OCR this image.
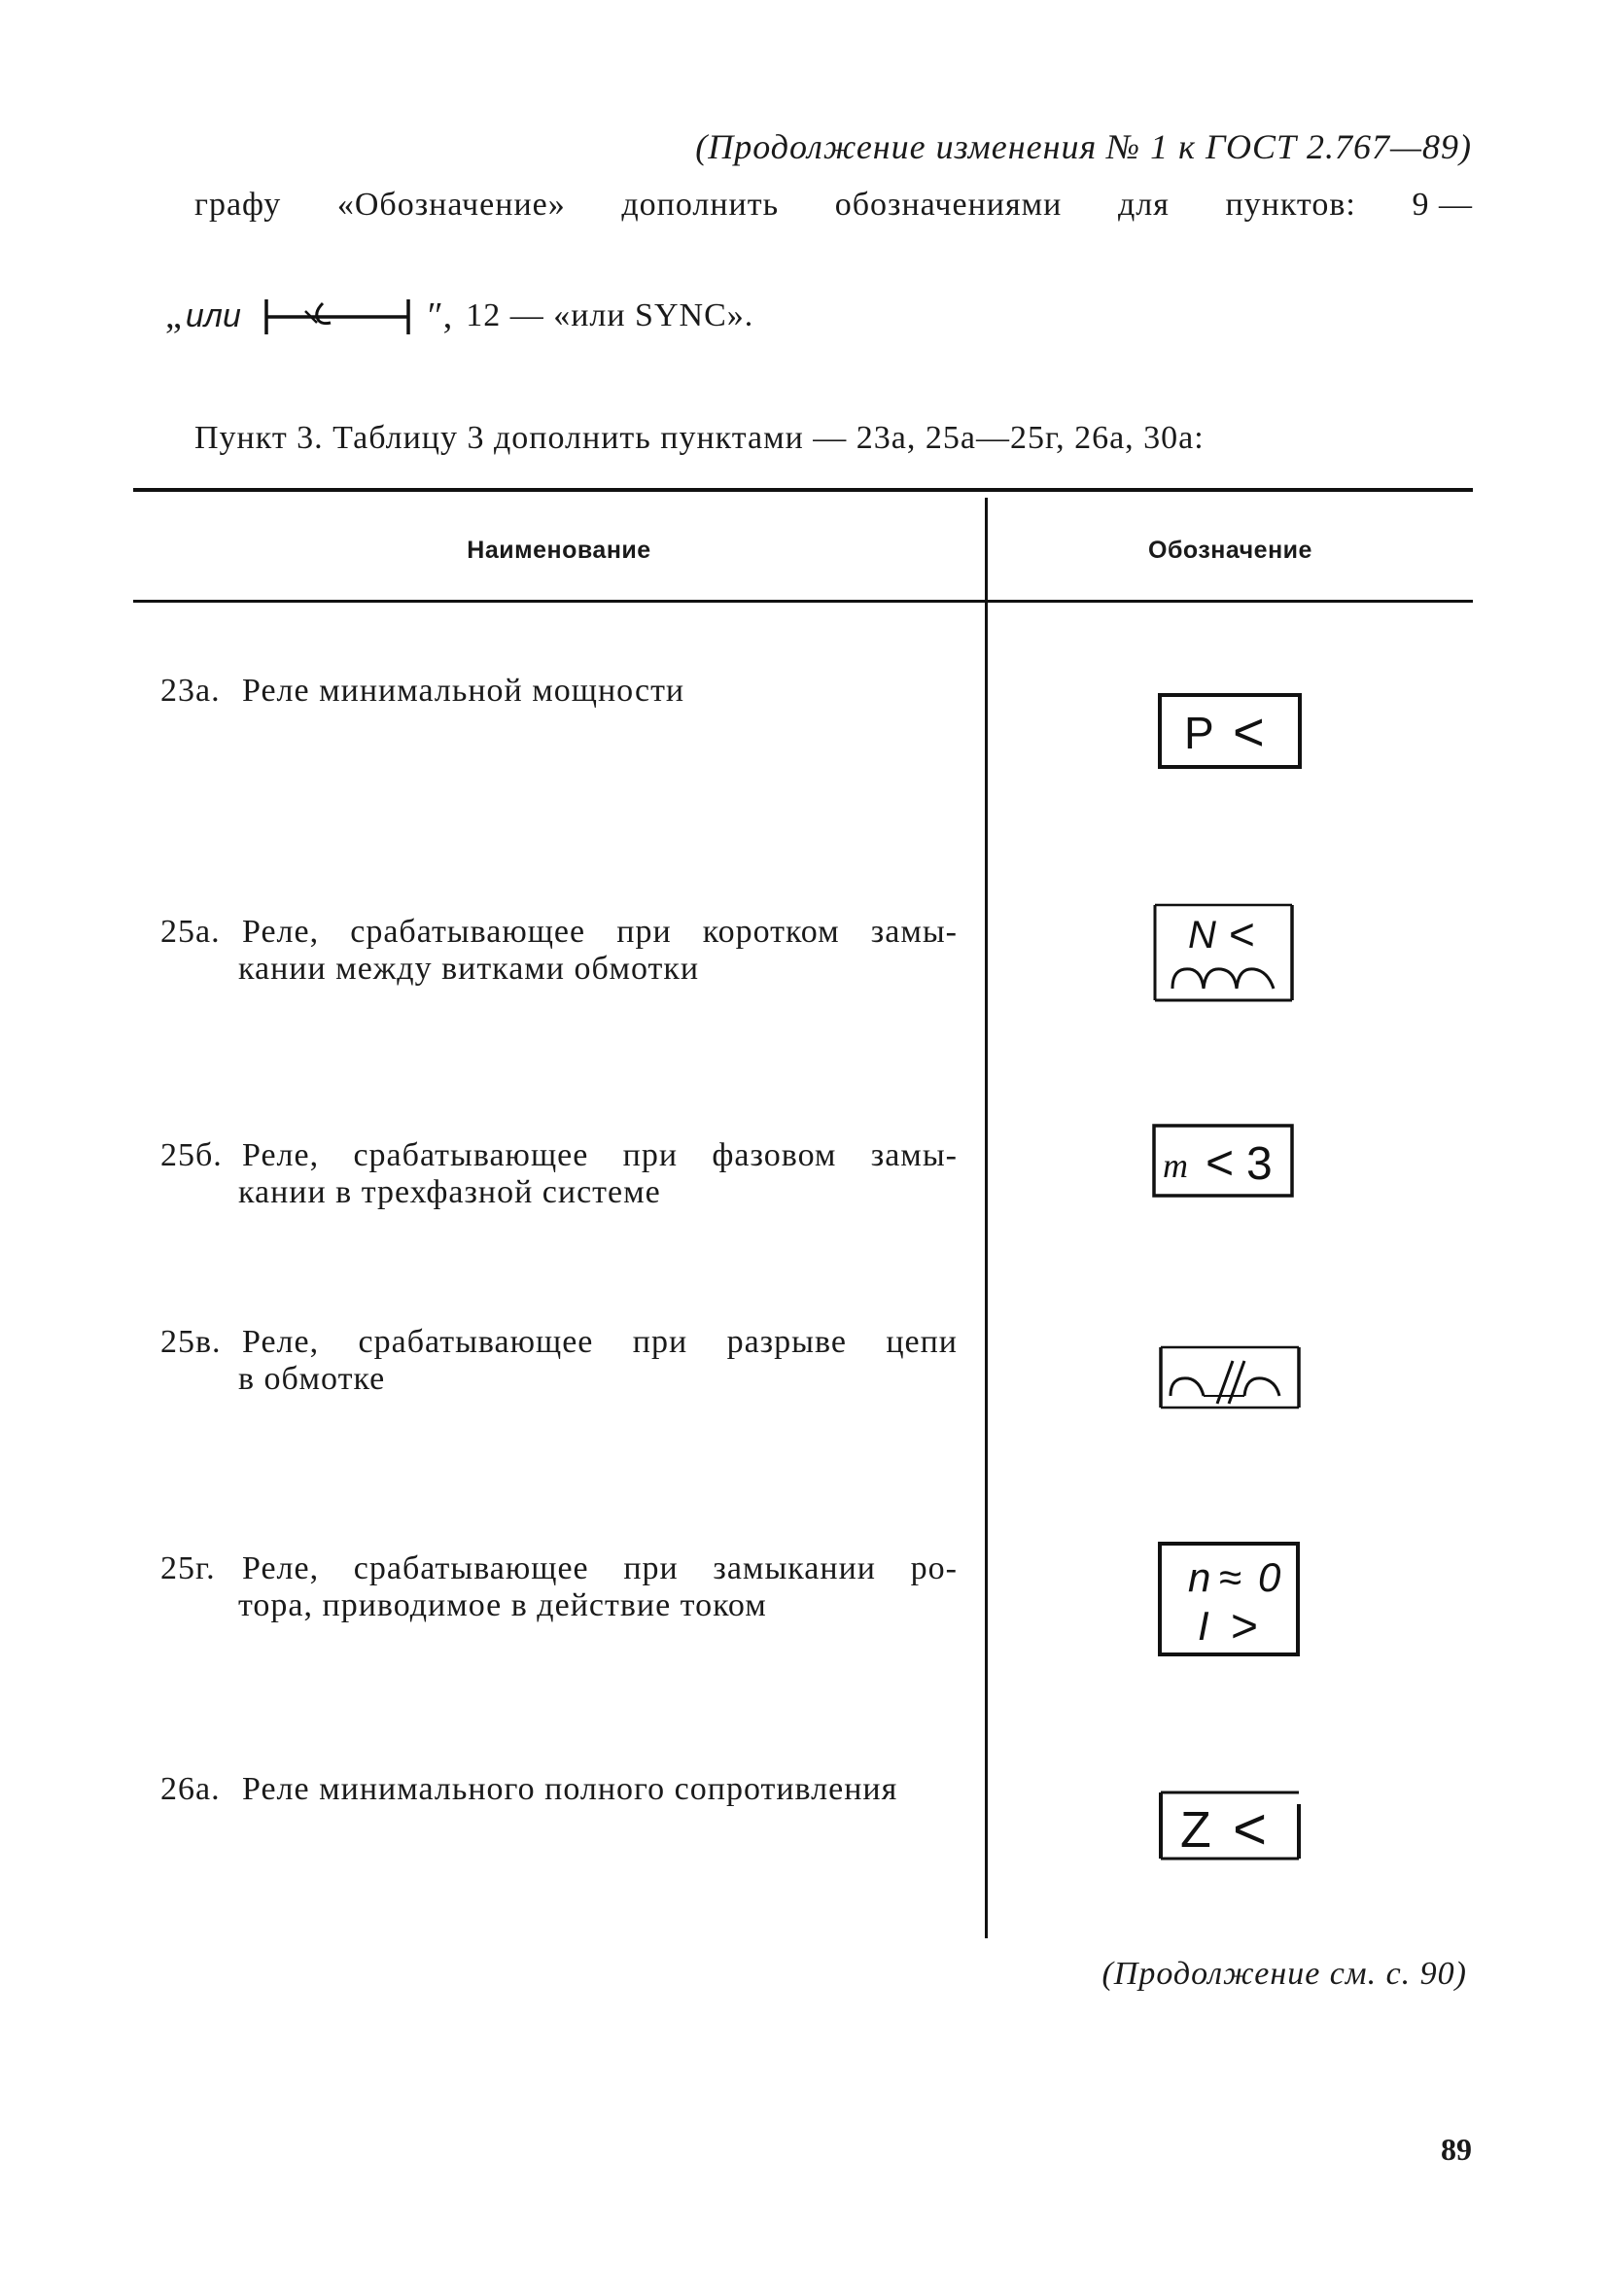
(Продолжение изменения № 1 к ГОСТ 2.767—89)
графу «Обозначение» дополнить обозначениями для пунктов: 9 —
„ или	″, 12 — «или SYNC».
Пункт 3. Таблицу 3 дополнить пунктами — 23а, 25а—25г, 26а, 30а:
Наименование	Обозначение
23а. Реле минимальной мощности
P <
25а. Реле, срабатывающее при коротком замы-
кании между витками обмотки
N <
25б. Реле, срабатывающее при фазовом замы-
кании в трехфазной системе
m < 3
25в. Реле, срабатывающее при разрыве цепи
в обмотке
25г. Реле, срабатывающее при замыкании ро-
тора, приводимое в действие током
n ≈ 0
I >
26а. Реле минимального полного сопротивления
Z <
(Продолжение см. с. 90)
89
